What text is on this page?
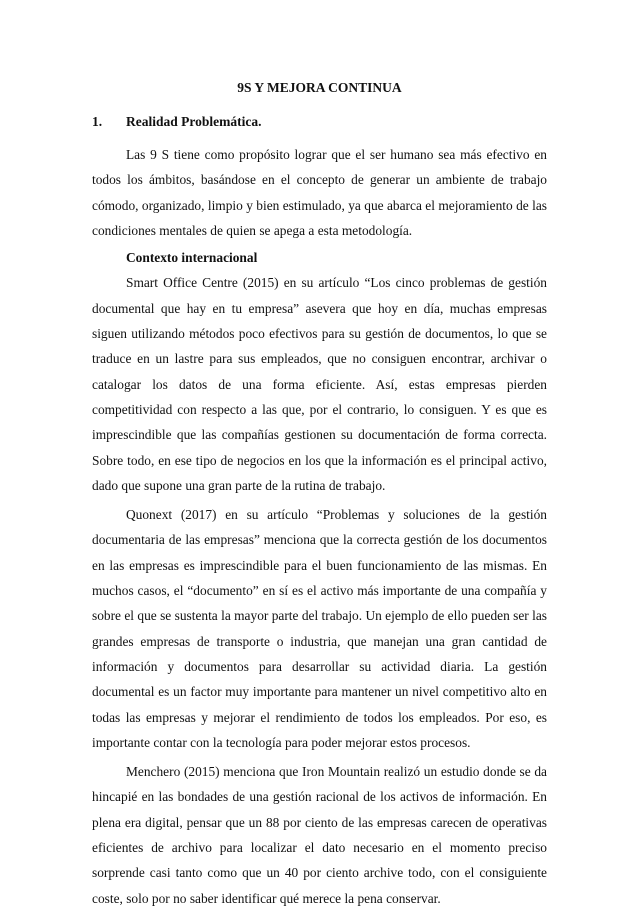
9S Y MEJORA CONTINUA
1.	Realidad Problemática.

Las 9 S tiene como propósito lograr que el ser humano sea más efectivo en todos los ámbitos, basándose en el concepto de generar un ambiente de trabajo cómodo, organizado, limpio y bien estimulado, ya que abarca el mejoramiento de las condiciones mentales de quien se apega a esta metodología.

Contexto internacional

Smart Office Centre (2015) en su artículo “Los cinco problemas de gestión documental que hay en tu empresa” asevera que hoy en día, muchas empresas siguen utilizando métodos poco efectivos para su gestión de documentos, lo que se traduce en un lastre para sus empleados, que no consiguen encontrar, archivar o catalogar los datos de una forma eficiente. Así, estas empresas pierden competitividad con respecto a las que, por el contrario, lo consiguen. Y es que es imprescindible que las compañías gestionen su documentación de forma correcta. Sobre todo, en ese tipo de negocios en los que la información es el principal activo, dado que supone una gran parte de la rutina de trabajo.

Quonext (2017) en su artículo “Problemas y soluciones de la gestión documentaria de las empresas” menciona que la correcta gestión de los documentos en las empresas es imprescindible para el buen funcionamiento de las mismas. En muchos casos, el “documento” en sí es el activo más importante de una compañía y sobre el que se sustenta la mayor parte del trabajo. Un ejemplo de ello pueden ser las grandes empresas de transporte o industria, que manejan una gran cantidad de información y documentos para desarrollar su actividad diaria. La gestión documental es un factor muy importante para mantener un nivel competitivo alto en todas las empresas y mejorar el rendimiento de todos los empleados. Por eso, es importante contar con la tecnología para poder mejorar estos procesos.

Menchero (2015) menciona que Iron Mountain realizó un estudio donde se da hincapié en las bondades de una gestión racional de los activos de información. En plena era digital, pensar que un 88 por ciento de las empresas carecen de operativas eficientes de archivo para localizar el dato necesario en el momento preciso sorprende casi tanto como que un 40 por ciento archive todo, con el consiguiente coste, solo por no saber identificar qué merece la pena conservar.
